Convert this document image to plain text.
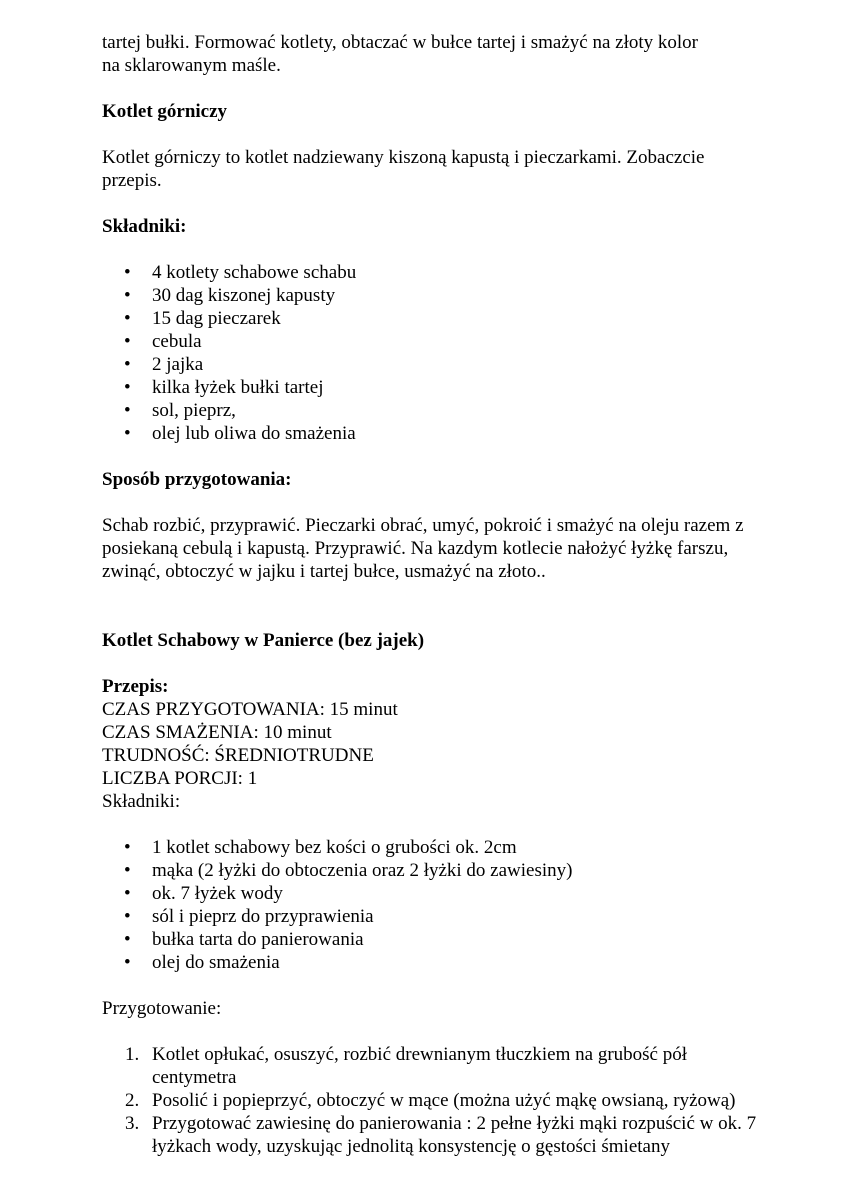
tartej bułki. Formować kotlety, obtaczać w bułce tartej i smażyć na złoty kolor

na sklarowanym maśle.

Kotlet górniczy

Kotlet górniczy to kotlet nadziewany kiszoną kapustą i pieczarkami. Zobaczcie przepis.

Składniki:
• 4 kotlety schabowe schabu
• 30 dag kiszonej kapusty
• 15 dag pieczarek
• cebula
• 2 jajka
• kilka łyżek bułki tartej
• sol, pieprz,
• olej lub oliwa do smażenia
Sposób przygotowania:

Schab rozbić, przyprawić. Pieczarki obrać, umyć, pokroić i smażyć na oleju razem z posiekaną cebulą i kapustą. Przyprawić. Na kazdym kotlecie nałożyć łyżkę farszu, zwinąć, obtoczyć w jajku i tartej bułce, usmażyć na złoto..

Kotlet Schabowy w Panierce (bez jajek)

Przepis:

CZAS PRZYGOTOWANIA: 15 minut

CZAS SMAŻENIA: 10 minut

TRUDNOŚĆ: ŚREDNIOTRUDNE

LICZBA PORCJI: 1

Składniki:

• 1 kotlet schabowy bez kości o grubości ok. 2cm
• mąka (2 łyżki do obtoczenia oraz 2 łyżki do zawiesiny)
• ok. 7 łyżek wody
• sól i pieprz do przyprawienia
• bułka tarta do panierowania
• olej do smażenia

Przygotowanie:

1. Kotlet opłukać, osuszyć, rozbić drewnianym tłuczkiem na grubość pół centymetra
2. Posolić i popieprzyć, obtoczyć w mące (można użyć mąkę owsianą, ryżową)
3. Przygotować zawiesinę do panierowania : 2 pełne łyżki mąki rozpuścić w ok. 7 łyżkach wody, uzyskując jednolitą konsystencję o gęstości śmietany
